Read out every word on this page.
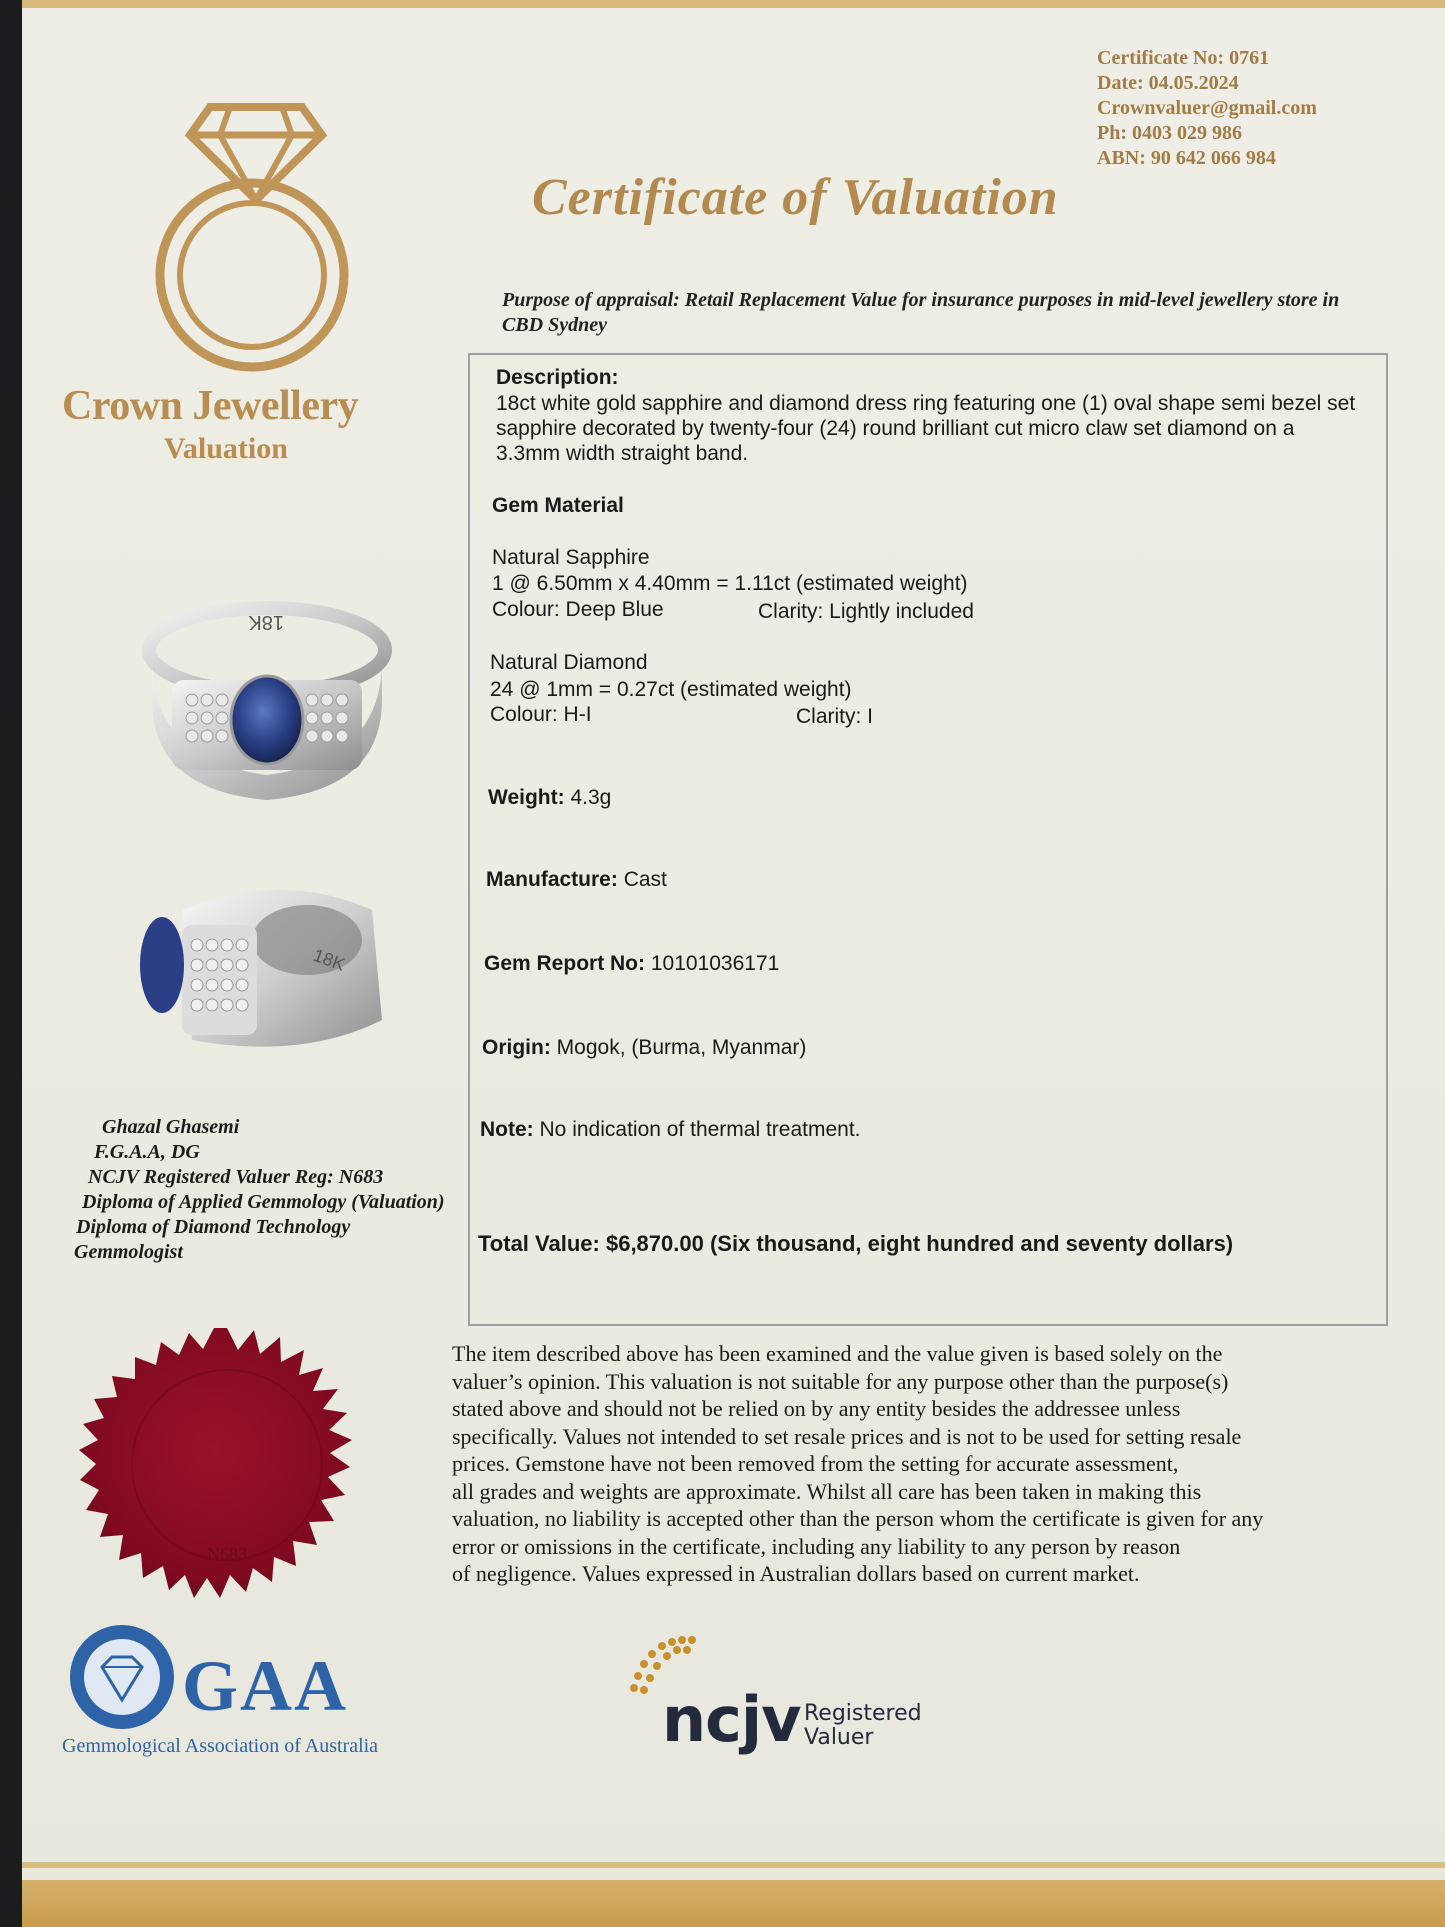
Crown Jewellery
Valuation
Certificate No: 0761
Date: 04.05.2024
Crownvaluer@gmail.com
Ph: 0403 029 986
ABN: 90 642 066 984
Certificate of Valuation
Purpose of appraisal: Retail Replacement Value for insurance purposes in mid-level jewellery store in CBD Sydney
18K
18K
Ghazal Ghasemi
F.G.A.A, DG
NCJV Registered Valuer Reg: N683
Diploma of Applied Gemmology (Valuation)
Diploma of Diamond Technology
Gemmologist
Description:
18ct white gold sapphire and diamond dress ring featuring one (1) oval shape semi bezel set sapphire decorated by twenty-four (24) round brilliant cut micro claw set diamond on a 3.3mm width straight band.
Gem Material
Natural Sapphire
1 @ 6.50mm x 4.40mm = 1.11ct (estimated weight)
Colour: Deep Blue	Clarity: Lightly included
Natural Diamond
24 @ 1mm = 0.27ct (estimated weight)
Colour: H-I	Clarity: I
Weight: 4.3g
Manufacture: Cast
Gem Report No: 10101036171
Origin: Mogok, (Burma, Myanmar)
Note: No indication of thermal treatment.
Total Value: $6,870.00 (Six thousand, eight hundred and seventy dollars)
The item described above has been examined and the value given is based solely on the
valuer’s opinion. This valuation is not suitable for any purpose other than the purpose(s)
stated above and should not be relied on by any entity besides the addressee unless
specifically. Values not intended to set resale prices and is not to be used for setting resale
prices. Gemstone have not been removed from the setting for accurate assessment,
all grades and weights are approximate. Whilst all care has been taken in making this
valuation, no liability is accepted other than the person whom the certificate is given for any
error or omissions in the certificate, including any liability to any person by reason
of negligence. Values expressed in Australian dollars based on current market.
N683
GAA
Gemmological Association of Australia	ncjv Registered
Valuer
